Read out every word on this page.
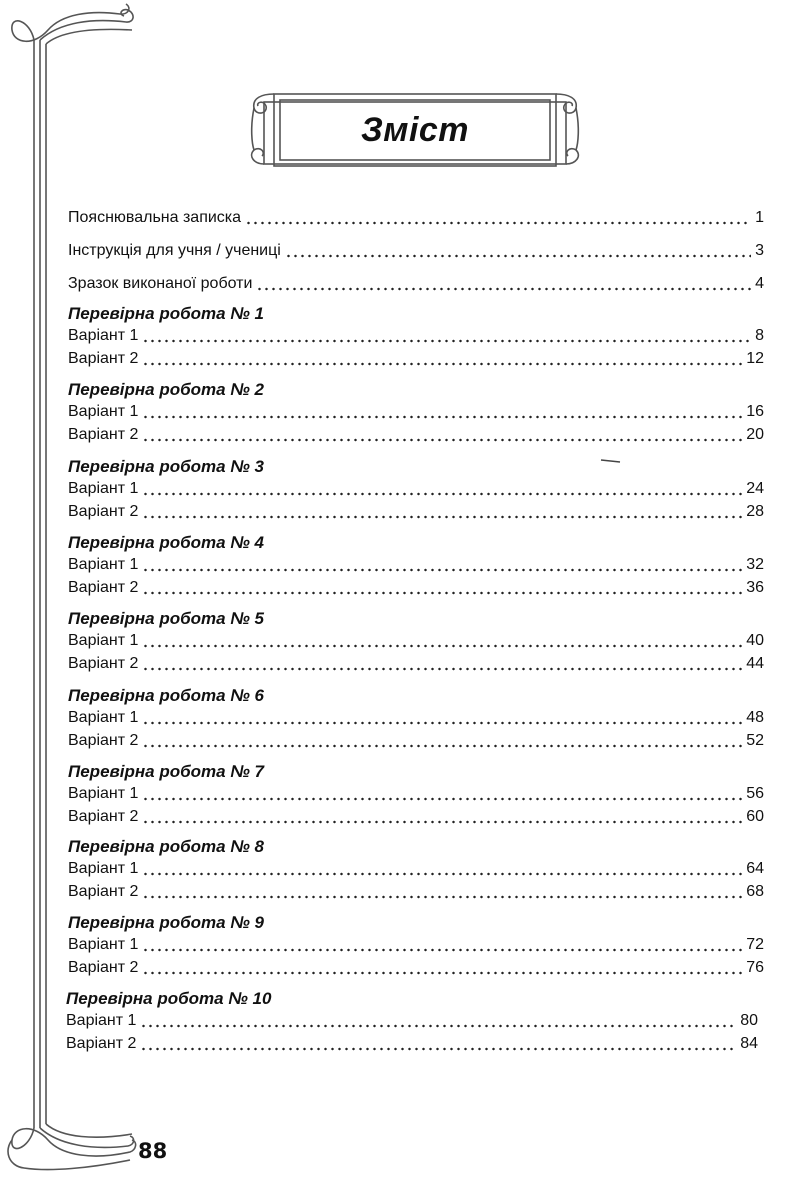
Зміст
Пояснювальна записка	1
Інструкція для учня / учениці	3
Зразок виконаної роботи	4
Перевірна робота № 1
Варіант 1	8
Варіант 2	12
Перевірна робота № 2
Варіант 1	16
Варіант 2	20
Перевірна робота № 3
Варіант 1	24
Варіант 2	28
Перевірна робота № 4
Варіант 1	32
Варіант 2	36
Перевірна робота № 5
Варіант 1	40
Варіант 2	44
Перевірна робота № 6
Варіант 1	48
Варіант 2	52
Перевірна робота № 7
Варіант 1	56
Варіант 2	60
Перевірна робота № 8
Варіант 1	64
Варіант 2	68
Перевірна робота № 9
Варіант 1	72
Варіант 2	76
Перевірна робота № 10
Варіант 1	80
Варіант 2	84
88
